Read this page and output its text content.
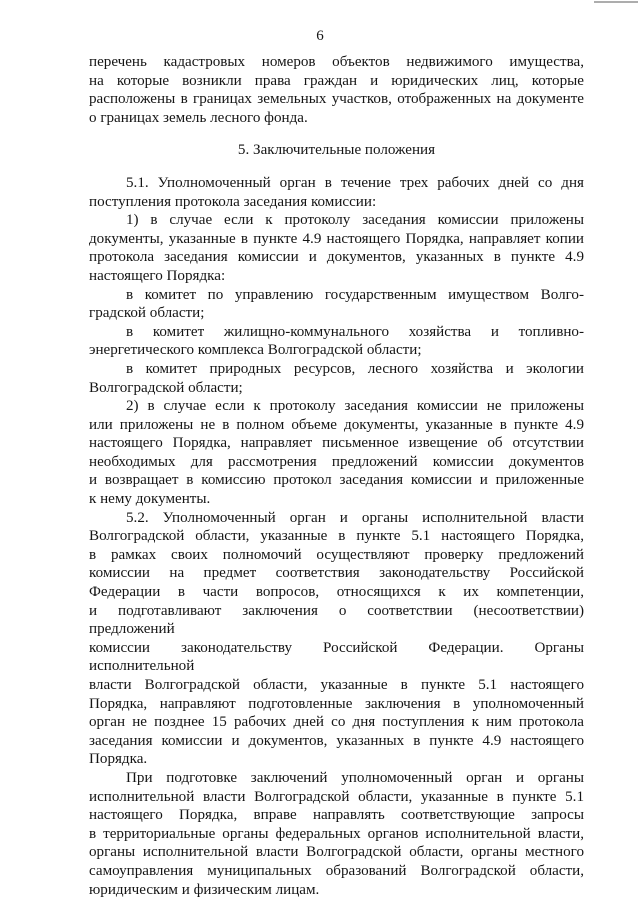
6

перечень кадастровых номеров объектов недвижимого имущества,

на которые возникли права граждан и юридических лиц, которые

расположены в границах земельных участков, отображенных на документе

о границах земель лесного фонда.

5. Заключительные положения

5.1. Уполномоченный орган в течение трех рабочих дней со дня

поступления протокола заседания комиссии:

1) в случае если к протоколу заседания комиссии приложены

документы, указанные в пункте 4.9 настоящего Порядка, направляет копии

протокола заседания комиссии и документов, указанных в пункте 4.9

настоящего Порядка:

в комитет по управлению государственным имуществом Волго-

градской области;

в комитет жилищно-коммунального хозяйства и топливно-

энергетического комплекса Волгоградской области;

в комитет природных ресурсов, лесного хозяйства и экологии

Волгоградской области;

2) в случае если к протоколу заседания комиссии не приложены

или приложены не в полном объеме документы, указанные в пункте 4.9

настоящего Порядка, направляет письменное извещение об отсутствии

необходимых для рассмотрения предложений комиссии документов

и возвращает в комиссию протокол заседания комиссии и приложенные

к нему документы.

5.2. Уполномоченный орган и органы исполнительной власти

Волгоградской области, указанные в пункте 5.1 настоящего Порядка,

в рамках своих полномочий осуществляют проверку предложений

комиссии на предмет соответствия законодательству Российской

Федерации в части вопросов, относящихся к их компетенции,

и подготавливают заключения о соответствии (несоответствии) предложений

комиссии законодательству Российской Федерации. Органы исполнительной

власти Волгоградской области, указанные в пункте 5.1 настоящего

Порядка, направляют подготовленные заключения в уполномоченный

орган не позднее 15 рабочих дней со дня поступления к ним протокола

заседания комиссии и документов, указанных в пункте 4.9 настоящего

Порядка.

При подготовке заключений уполномоченный орган и органы

исполнительной власти Волгоградской области, указанные в пункте 5.1

настоящего Порядка, вправе направлять соответствующие запросы

в территориальные органы федеральных органов исполнительной власти,

органы исполнительной власти Волгоградской области, органы местного

самоуправления муниципальных образований Волгоградской области,

юридическим и физическим лицам.
